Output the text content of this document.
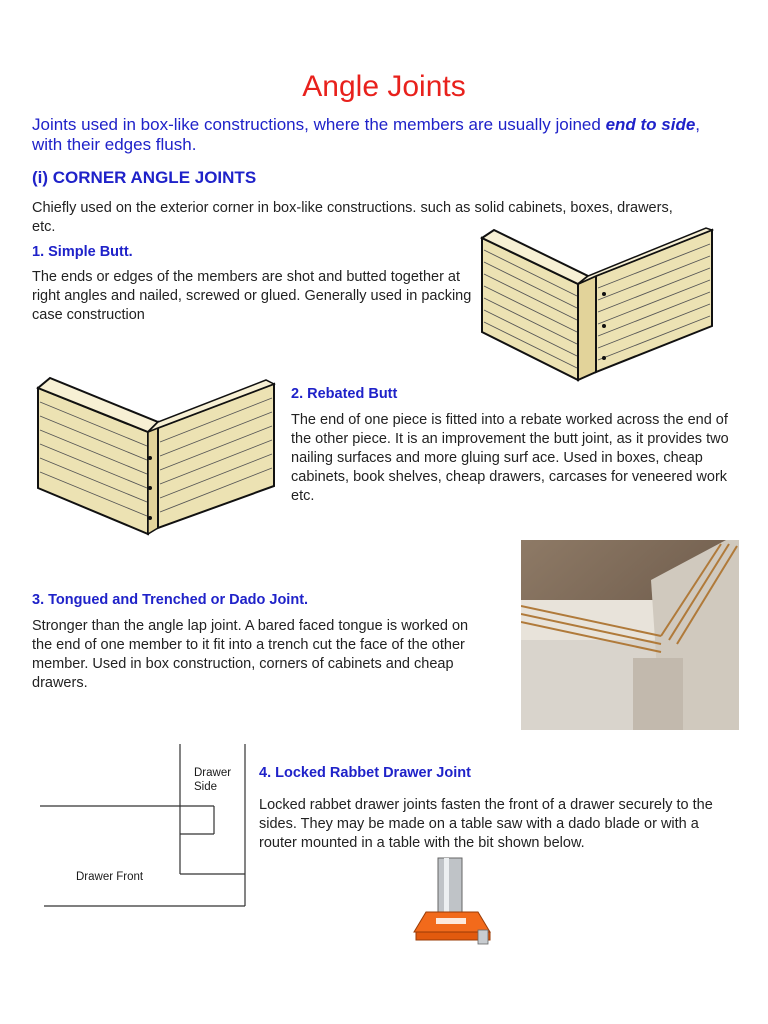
Angle Joints
Joints used in box-like constructions, where the members are usually joined end to side, with their edges flush.
(i) CORNER ANGLE JOINTS
Chiefly used on the exterior corner in box-like constructions. such as solid cabinets, boxes, drawers, etc.
1. Simple Butt.
The ends or edges of the members are shot and butted together at right angles and nailed, screwed or glued. Generally used in packing case construction
2. Rebated Butt
The end of one piece is fitted into a rebate worked across the end of the other piece. It is an improvement the butt joint, as it provides two nailing surfaces and more gluing surf ace. Used in boxes, cheap cabinets, book shelves, cheap drawers, carcases for veneered work etc.
3. Tongued and Trenched or Dado Joint.
Stronger than the angle lap joint. A bared faced tongue is worked on the end of one member to it fit into a trench cut the face of the other member. Used in box construction, corners of cabinets and cheap drawers.
Drawer Side
Drawer Front
4. Locked Rabbet Drawer Joint
Locked rabbet drawer joints fasten the front of a drawer securely to the sides. They may be made on a table saw with a dado blade or with a router mounted in a table with the bit shown below.
